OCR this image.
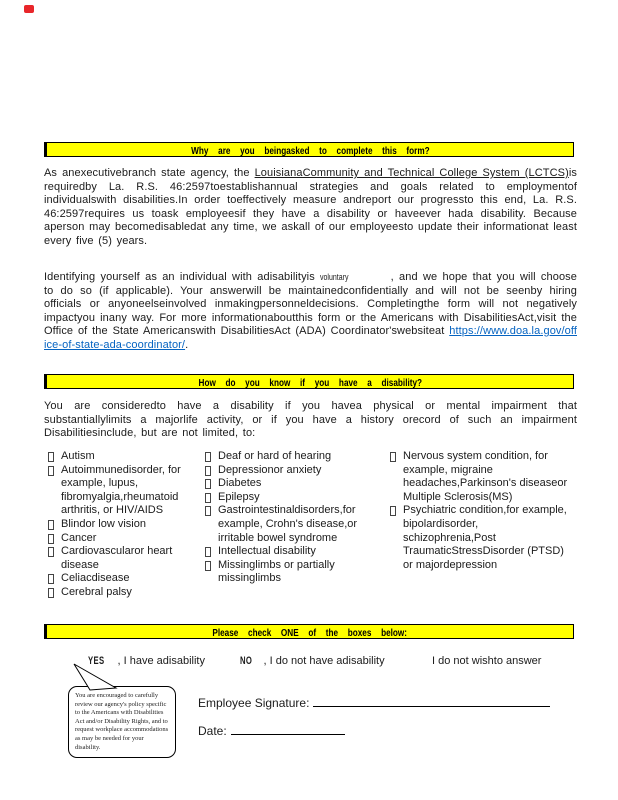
Why are you beingasked to complete this form?

As anexecutivebranch state agency, the LouisianaCommunity and Technical College System (LCTCS)is requiredby La. R.S. 46:2597toestablishannual strategies and goals related to employmentof individualswith disabilities.In order toeffectively measure andreport our progressto this end, La. R.S. 46:2597requires us toask employeesif they have a disability or haveever hada disability. Because aperson may becomedisabledat any time, we askall of our employeesto update their informationat least every five (5) years.

Identifying yourself as an individual with adisabilityis voluntary	, and we hope that you will choose to do so (if applicable). Your answerwill be maintainedconfidentially and will not be seenby hiring officials or anyoneelseinvolved inmakingpersonneldecisions. Completingthe form will not negatively impactyou inany way. For more informationaboutthis form or the Americans with DisabilitiesAct,visit the Office of the State Americanswith DisabilitiesAct (ADA) Coordinator'swebsiteat https://www.doa.la.gov/office-of-state-ada-coordinator/.

How do you know if you have a disability?

You are consideredto have a disability if you havea physical or mental impairment that substantiallylimits a majorlife activity, or if you have a history orecord of such an impairment Disabilitiesinclude, but are not limited, to:

Autism
Autoimmunedisorder, for example, lupus, fibromyalgia,rheumatoid arthritis, or HIV/AIDS
Blindor low vision
Cancer
Cardiovascularor heart disease
Celiacdisease
Cerebral palsy
Deaf or hard of hearing
Depressionor anxiety
Diabetes
Epilepsy
Gastrointestinaldisorders,for example, Crohn's disease,or irritable bowel syndrome
Intellectual disability
Missinglimbs or partially missinglimbs
Nervous system condition, for example, migraine headaches,Parkinson's diseaseor Multiple Sclerosis(MS)
Psychiatric condition,for example, bipolardisorder, schizophrenia,Post TraumaticStressDisorder (PTSD) or majordepression
Please check ONE of the boxes below:
YES , I have adisability	NO , I do not have adisability	I do not wishto answer
You are encouraged to carefully review our agency's policy specific to the Americans with Disabilities Act and/or Disability Rights, and to request workplace accommodations as may be needed for your disability.
Employee Signature:
Date:
